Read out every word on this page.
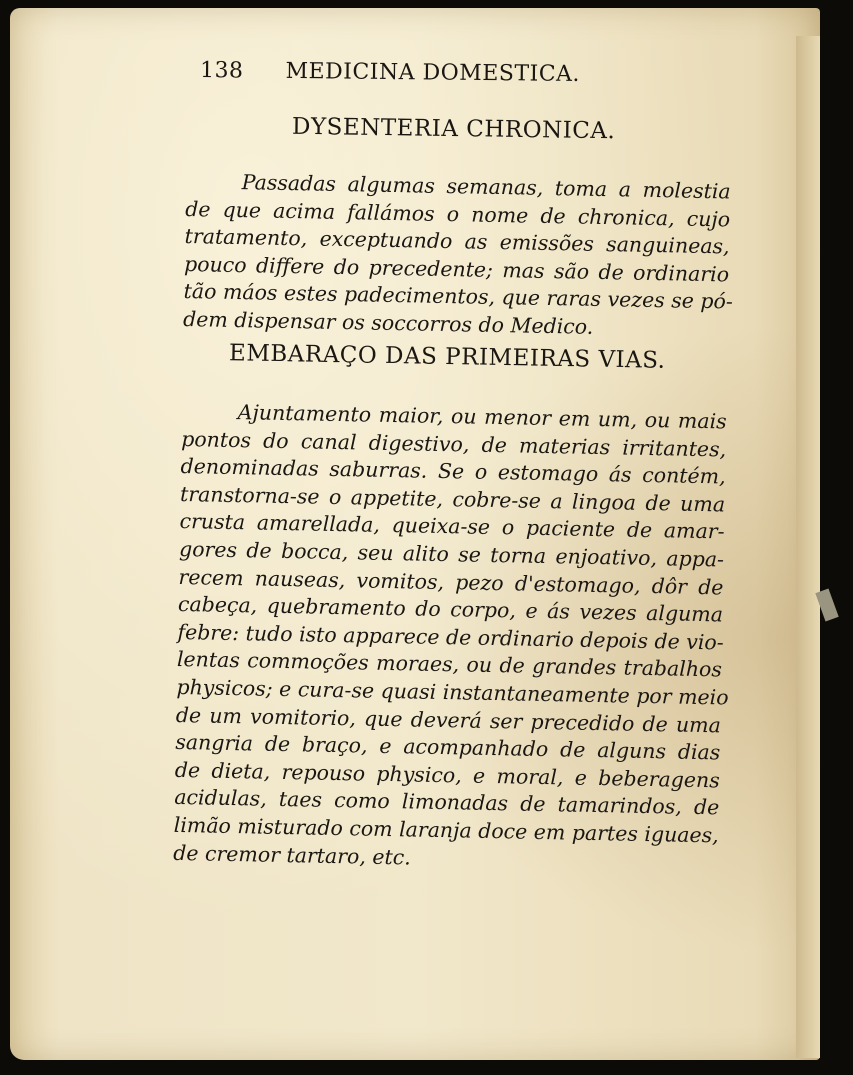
138 MEDICINA DOMESTICA.
DYSENTERIA CHRONICA.
Passadas algumas semanas, toma a molestia
de que acima fallámos o nome de chronica, cujo
tratamento, exceptuando as emissões sanguineas,
pouco differe do precedente; mas são de ordinario
tão máos estes padecimentos, que raras vezes se pó-
dem dispensar os soccorros do Medico.
EMBARAÇO DAS PRIMEIRAS VIAS.
Ajuntamento maior, ou menor em um, ou mais
pontos do canal digestivo, de materias irritantes,
denominadas saburras. Se o estomago ás contém,
transtorna-se o appetite, cobre-se a lingoa de uma
crusta amarellada, queixa-se o paciente de amar-
gores de bocca, seu alito se torna enjoativo, appa-
recem nauseas, vomitos, pezo d'estomago, dôr de
cabeça, quebramento do corpo, e ás vezes alguma
febre: tudo isto apparece de ordinario depois de vio-
lentas commoções moraes, ou de grandes trabalhos
physicos; e cura-se quasi instantaneamente por meio
de um vomitorio, que deverá ser precedido de uma
sangria de braço, e acompanhado de alguns dias
de dieta, repouso physico, e moral, e beberagens
acidulas, taes como limonadas de tamarindos, de
limão misturado com laranja doce em partes iguaes,
de cremor tartaro, etc.
